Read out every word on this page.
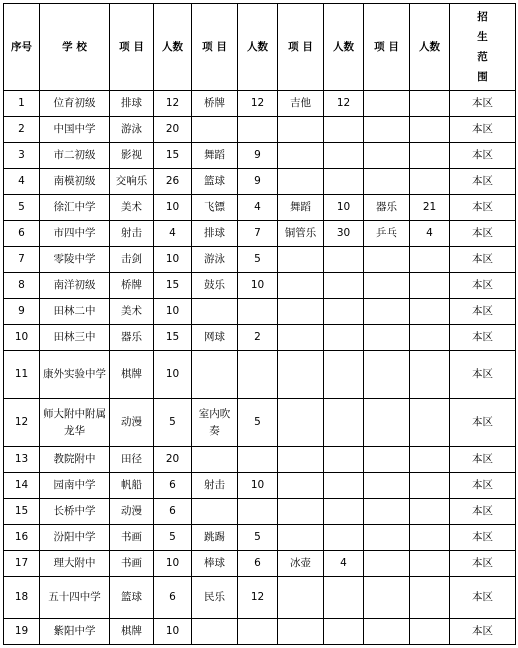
序号	学 校	项 目	人数	项 目	人数	项 目	人数	项 目	人数	招
生
范
围

1	位育初级	排球	12	桥牌	12	吉他	12			本区
2	中国中学	游泳	20							本区
3	市二初级	影视	15	舞蹈	9					本区
4	南模初级	交响乐	26	篮球	9					本区
5	徐汇中学	美术	10	飞镖	4	舞蹈	10	器乐	21	本区
6	市四中学	射击	4	排球	7	铜管乐	30	乒乓	4	本区
7	零陵中学	击剑	10	游泳	5					本区
8	南洋初级	桥牌	15	鼓乐	10					本区
9	田林二中	美术	10							本区
10	田林三中	器乐	15	网球	2					本区
11	康外实验中学	棋牌	10							本区
12	师大附中附属龙华	动漫	5	室内吹奏	5					本区
13	教院附中	田径	20							本区
14	园南中学	帆船	6	射击	10					本区
15	长桥中学	动漫	6							本区
16	汾阳中学	书画	5	跳踢	5					本区
17	理大附中	书画	10	棒球	6	冰壶	4			本区
18	五十四中学	篮球	6	民乐	12					本区
19	紫阳中学	棋牌	10							本区
